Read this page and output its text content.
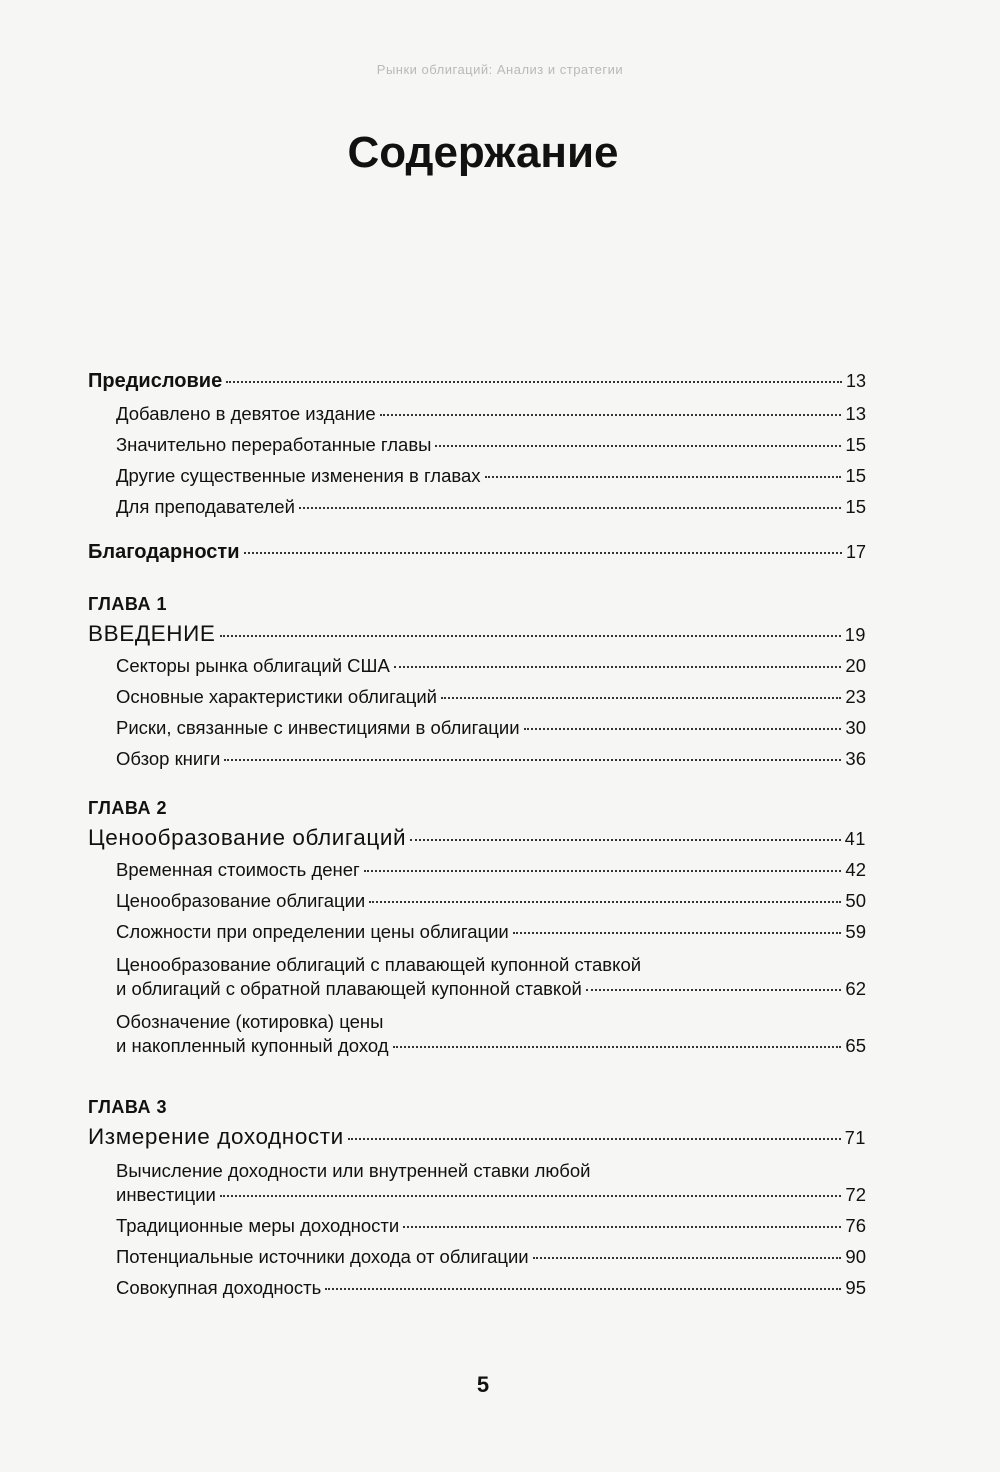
Рынки облигаций: Анализ и стратегии
Содержание
Предисловие	13
Добавлено в девятое издание	13
Значительно переработанные главы	15
Другие существенные изменения в главах	15
Для преподавателей	15
Благодарности	17
ГЛАВА 1
ВВЕДЕНИЕ	19
Секторы рынка облигаций США	20
Основные характеристики облигаций	23
Риски, связанные с инвестициями в облигации	30
Обзор книги	36
ГЛАВА 2
Ценообразование облигаций	41
Временная стоимость денег	42
Ценообразование облигации	50
Сложности при определении цены облигации	59
Ценообразование облигаций с плавающей купонной ставкой
и облигаций с обратной плавающей купонной ставкой	62
Обозначение (котировка) цены
и накопленный купонный доход	65
ГЛАВА 3
Измерение доходности	71
Вычисление доходности или внутренней ставки любой
инвестиции	72
Традиционные меры доходности	76
Потенциальные источники дохода от облигации	90
Совокупная доходность	95
5
